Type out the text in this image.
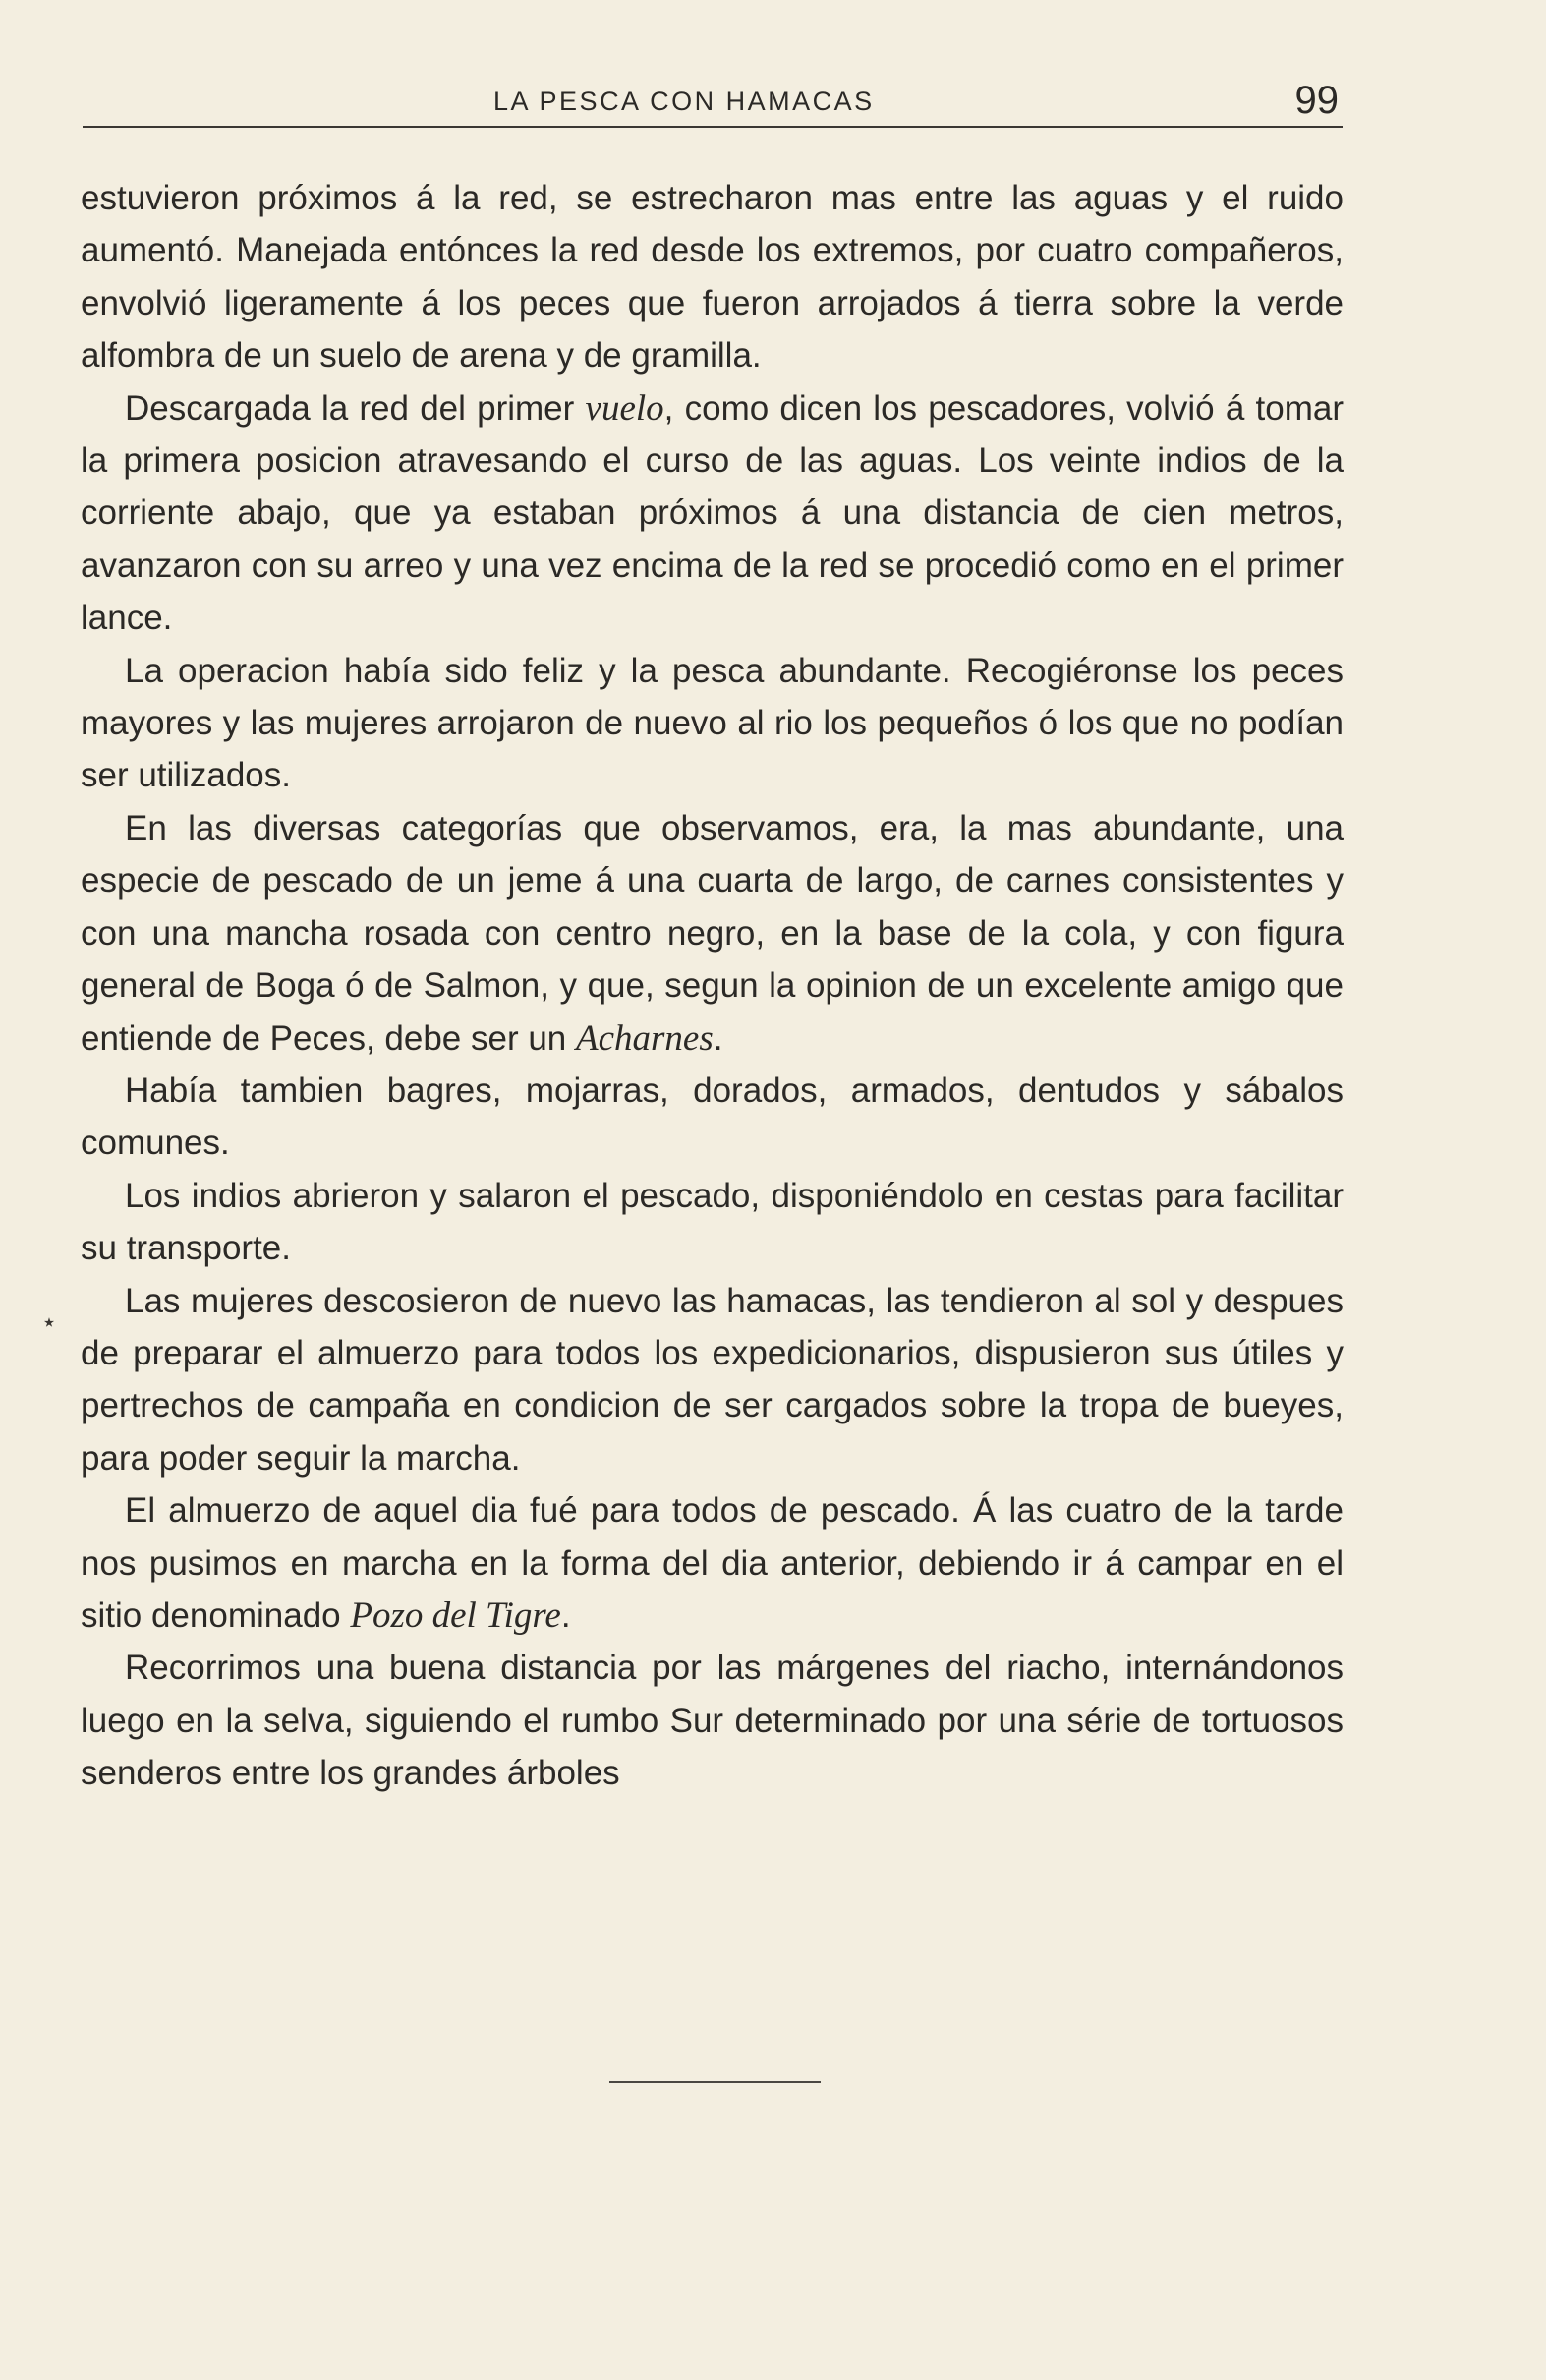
LA PESCA CON HAMACAS	99
٭

estuvieron próximos á la red, se estrecharon mas entre las aguas y el ruido aumentó. Manejada entónces la red desde los extremos, por cuatro compañeros, envolvió ligeramente á los peces que fueron arrojados á tierra sobre la verde alfombra de un suelo de arena y de gramilla.

Descargada la red del primer vuelo, como dicen los pescadores, volvió á tomar la primera posicion atravesando el curso de las aguas. Los veinte indios de la corriente abajo, que ya estaban próximos á una distancia de cien metros, avanzaron con su arreo y una vez encima de la red se procedió como en el primer lance.

La operacion había sido feliz y la pesca abundante. Recogiéronse los peces mayores y las mujeres arrojaron de nuevo al rio los pequeños ó los que no podían ser utilizados.

En las diversas categorías que observamos, era, la mas abundante, una especie de pescado de un jeme á una cuarta de largo, de carnes consistentes y con una mancha rosada con centro negro, en la base de la cola, y con figura general de Boga ó de Salmon, y que, segun la opinion de un excelente amigo que entiende de Peces, debe ser un Acharnes.

Había tambien bagres, mojarras, dorados, armados, dentudos y sábalos comunes.

Los indios abrieron y salaron el pescado, disponiéndolo en cestas para facilitar su transporte.

Las mujeres descosieron de nuevo las hamacas, las tendieron al sol y despues de preparar el almuerzo para todos los expedicionarios, dispusieron sus útiles y pertrechos de campaña en condicion de ser cargados sobre la tropa de bueyes, para poder seguir la marcha.

El almuerzo de aquel dia fué para todos de pescado. Á las cuatro de la tarde nos pusimos en marcha en la forma del dia anterior, debiendo ir á campar en el sitio denominado Pozo del Tigre.

Recorrimos una buena distancia por las márgenes del riacho, internándonos luego en la selva, siguiendo el rumbo Sur determinado por una série de tortuosos senderos entre los grandes árboles
